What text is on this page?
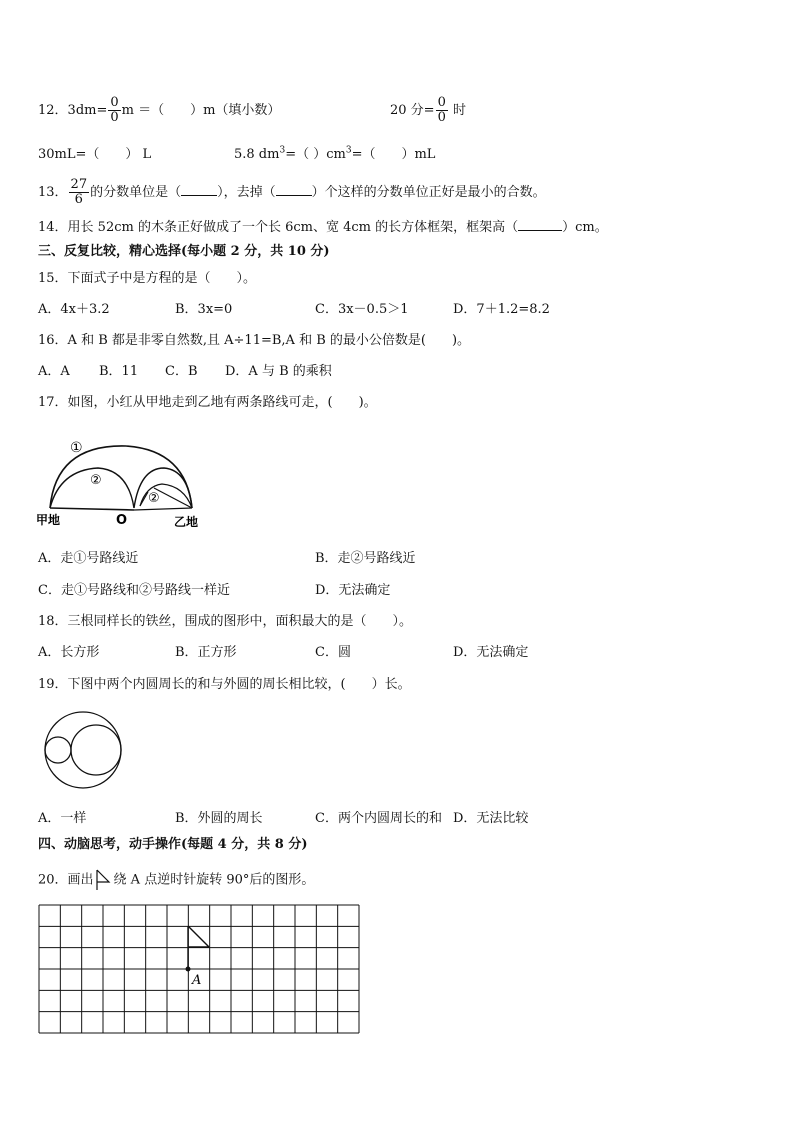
12．$3dm= \frac{0}{0}$ m ＝（　　）m（填小数）	20 分= $\frac{0}{0}$ 时
30mL=（　　） L	5.8 $dm^3=$（ ）$cm^3=$（　　）mL
13． $\frac{27}{6}$ 的分数单位是（	），去掉（	）个这样的分数单位正好是最小的合数。
14．用长 52cm 的木条正好做成了一个长 6cm、宽 4cm 的长方体框架，框架高（	）cm。
三、反复比较，精心选择(每小题 2 分，共 10 分)
15．下面式子中是方程的是（　　）。
A．4x＋3.2	B．3x=0	C．3x－0.5＞1	D．7＋1.2=8.2
16．A 和 B 都是非零自然数,且 A÷11=B,A 和 B 的最小公倍数是(　　)。
A．A B．11 C．B D．A 与 B 的乘积
17．如图，小红从甲地走到乙地有两条路线可走，(　　)。
①
②
②
甲地	O	乙地
A．走①号路线近	B．走②号路线近
C．走①号路线和②号路线一样近	D．无法确定
18．三根同样长的铁丝，围成的图形中，面积最大的是（　　）。
A．长方形	B．正方形	C．圆	D．无法确定
19．下图中两个内圆周长的和与外圆的周长相比较，(　　）长。
A．一样	B．外圆的周长	C．两个内圆周长的和 D．无法比较
四、动脑思考，动手操作(每题 4 分，共 8 分)
20．画出 绕 A 点逆时针旋转 90°后的图形。
A
